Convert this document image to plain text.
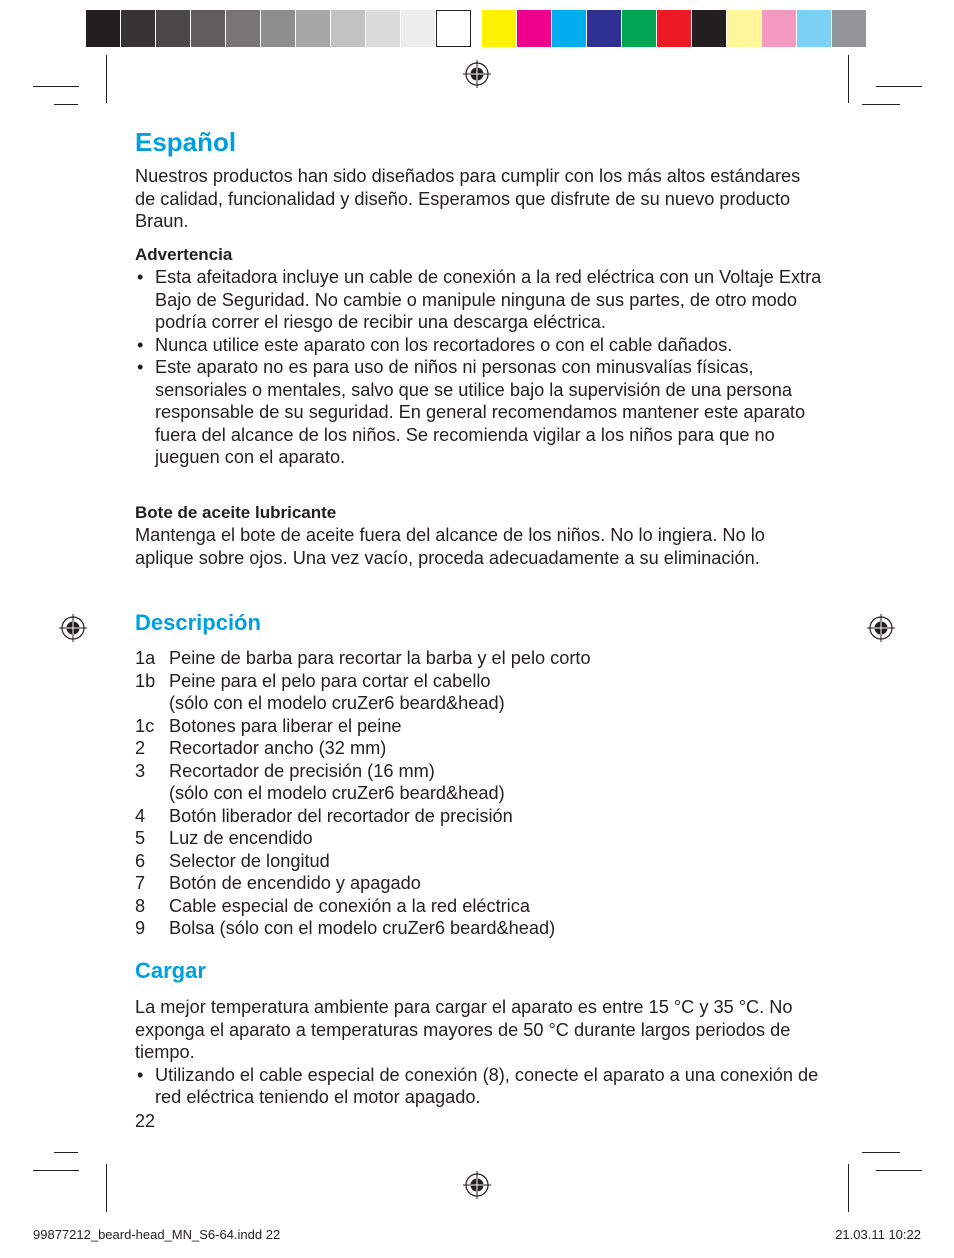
Español

Nuestros productos han sido diseñados para cumplir con los más altos estándares de calidad, funcionalidad y diseño. Esperamos que disfrute de su nuevo producto Braun.

Advertencia
• Esta afeitadora incluye un cable de conexión a la red eléctrica con un Voltaje Extra Bajo de Seguridad. No cambie o manipule ninguna de sus partes, de otro modo podría correr el riesgo de recibir una descarga eléctrica.
• Nunca utilice este aparato con los recortadores o con el cable dañados.
• Este aparato no es para uso de niños ni personas con minusvalías físicas, sensoriales o mentales, salvo que se utilice bajo la supervisión de una persona responsable de su seguridad. En general recomendamos mantener este aparato fuera del alcance de los niños. Se recomienda vigilar a los niños para que no jueguen con el aparato.
Bote de aceite lubricante

Mantenga el bote de aceite fuera del alcance de los niños. No lo ingiera. No lo aplique sobre ojos. Una vez vacío, proceda adecuadamente a su eliminación.

Descripción
1a Peine de barba para recortar la barba y el pelo corto
1b Peine para el pelo para cortar el cabello
(sólo con el modelo cruZer6 beard&head)
1c Botones para liberar el peine
2	Recortador ancho (32 mm)
3	Recortador de precisión (16 mm)
(sólo con el modelo cruZer6 beard&head)
4	Botón liberador del recortador de precisión
5	Luz de encendido
6	Selector de longitud
7	Botón de encendido y apagado
8	Cable especial de conexión a la red eléctrica
9	Bolsa (sólo con el modelo cruZer6 beard&head)
Cargar

La mejor temperatura ambiente para cargar el aparato es entre 15 °C y 35 °C. No exponga el aparato a temperaturas mayores de 50 °C durante largos periodos de tiempo.

• Utilizando el cable especial de conexión (8), conecte el aparato a una conexión de red eléctrica teniendo el motor apagado.
22
99877212_beard-head_MN_S6-64.indd 22	21.03.11 10:22
